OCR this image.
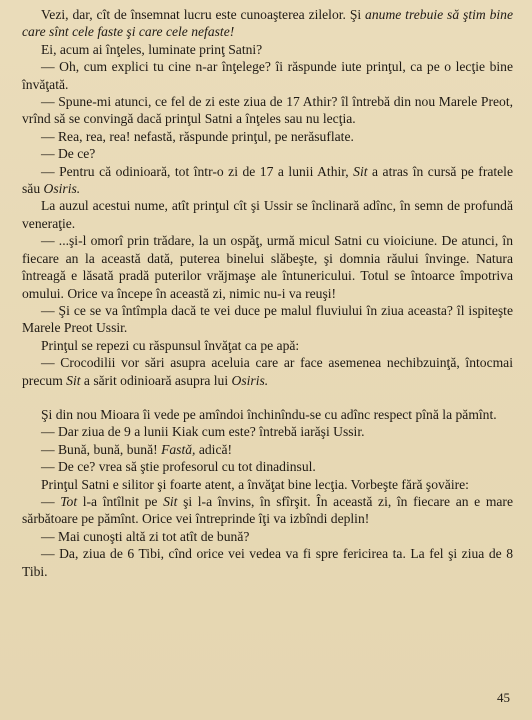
Vezi, dar, cît de însemnat lucru este cunoaşterea zilelor. Şi anume trebuie să ştim bine care sînt cele faste şi care cele nefaste!

Ei, acum ai înţeles, luminate prinţ Satni?

— Oh, cum explici tu cine n-ar înţelege? îi răspunde iute prinţul, ca pe o lecţie bine învăţată.

— Spune-mi atunci, ce fel de zi este ziua de 17 Athir? îl întrebă din nou Marele Preot, vrînd să se convingă dacă prinţul Satni a înţeles sau nu lecţia.

— Rea, rea, rea! nefastă, răspunde prinţul, pe nerăsuflate.

— De ce?

— Pentru că odinioară, tot într-o zi de 17 a lunii Athir, Sit a atras în cursă pe fratele său Osiris.

La auzul acestui nume, atît prinţul cît şi Ussir se înclinară adînc, în semn de profundă veneraţie.

— ...şi-l omorî prin trădare, la un ospăţ, urmă micul Satni cu vioiciune. De atunci, în fiecare an la această dată, puterea binelui slăbeşte, şi domnia răului învinge. Natura întreagă e lăsată pradă puterilor vrăjmaşe ale întunericului. Totul se întoarce împotriva omului. Orice va începe în această zi, nimic nu-i va reuşi!

— Şi ce se va întîmpla dacă te vei duce pe malul fluviului în ziua aceasta? îl ispiteşte Marele Preot Ussir.

Prinţul se repezi cu răspunsul învăţat ca pe apă:

— Crocodilii vor sări asupra aceluia care ar face asemenea nechibzuinţă, întocmai precum Sit a sărit odinioară asupra lui Osiris.

Şi din nou Mioara îi vede pe amîndoi închinîndu-se cu adînc respect pînă la pămînt.

— Dar ziua de 9 a lunii Kiak cum este? întrebă iarăşi Ussir.

— Bună, bună, bună! Fastă, adică!

— De ce? vrea să ştie profesorul cu tot dinadinsul.

Prinţul Satni e silitor şi foarte atent, a învăţat bine lecţia. Vorbeşte fără şovăire:

— Tot l-a întîlnit pe Sit şi l-a învins, în sfîrşit. În această zi, în fiecare an e mare sărbătoare pe pămînt. Orice vei întreprinde îţi va izbîndi deplin!

— Mai cunoşti altă zi tot atît de bună?

— Da, ziua de 6 Tibi, cînd orice vei vedea va fi spre fericirea ta. La fel şi ziua de 8 Tibi.

45
